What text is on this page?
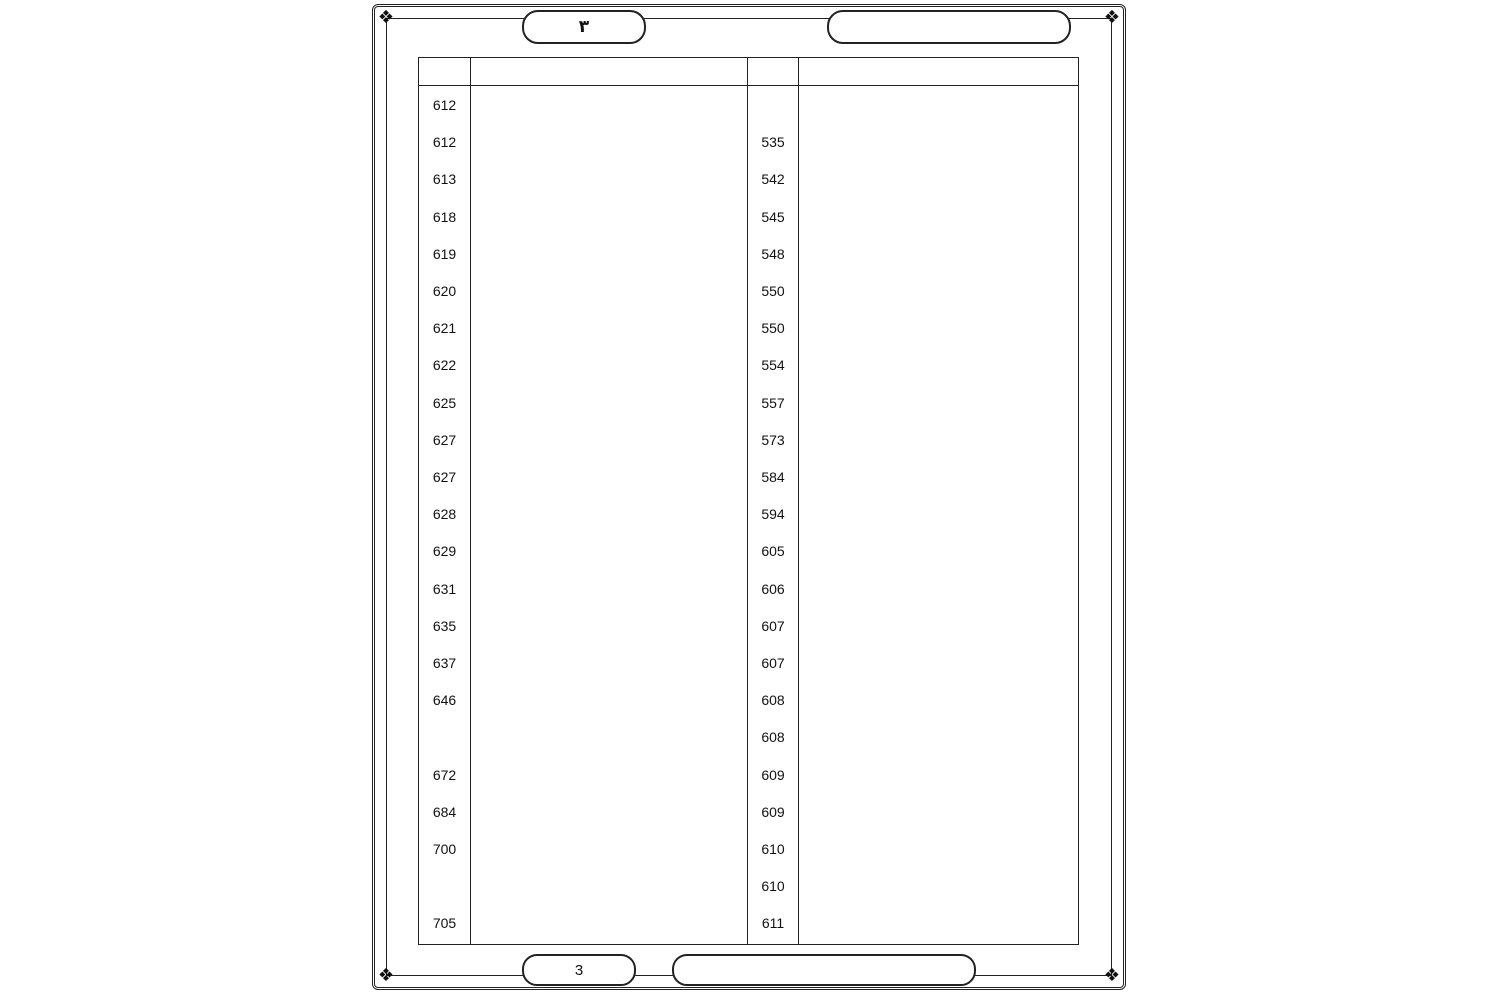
❖	❖
❖	❖
٣
3
612
535
612
542
613
545
618
548
619
550
620
550
621
554
622
557
625
573
627
584
627
594
628
605
629
606
631
607
635
607
637
608
646
608
609
672
609
684
610
700
610
611
705
